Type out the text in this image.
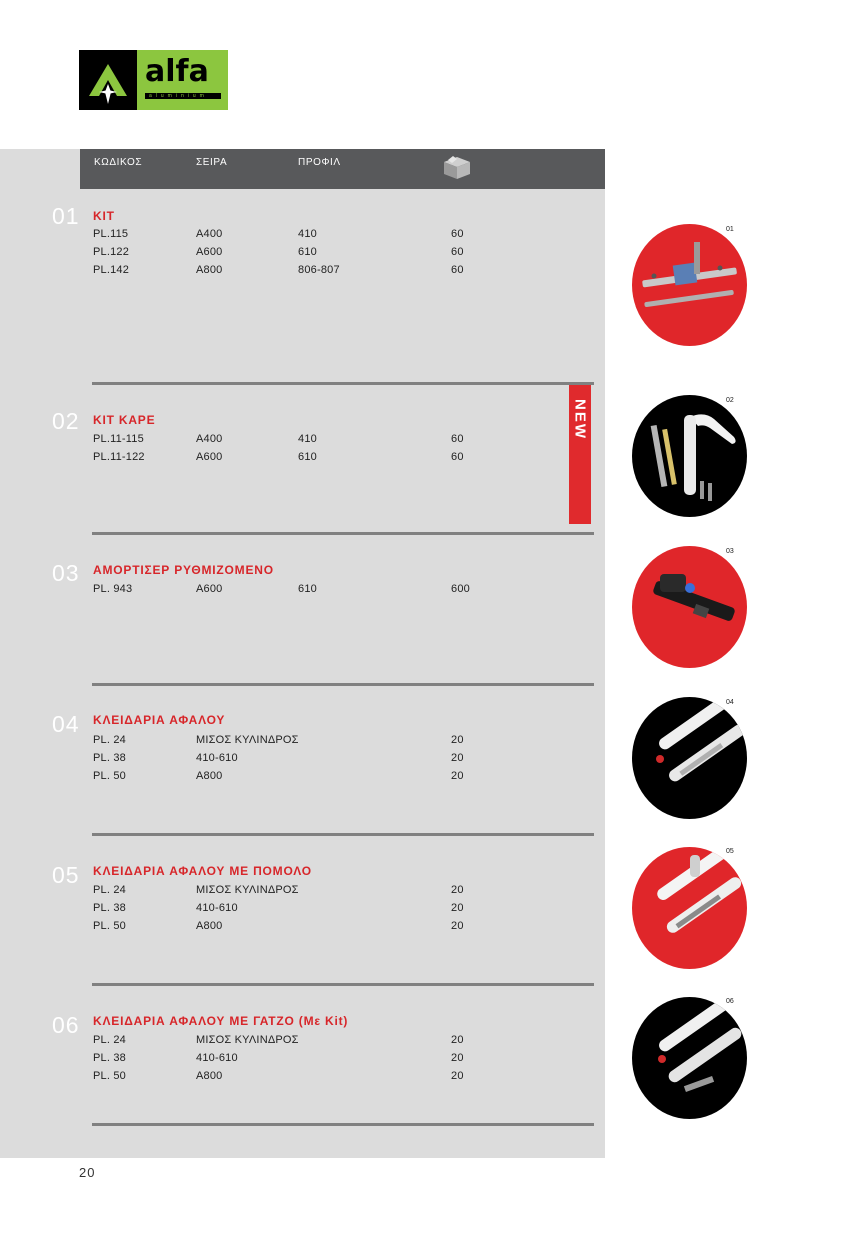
alfa
aluminium
ΚΩΔΙΚΟΣ	ΣΕΙΡΑ	ΠΡΟΦΙΛ
01 KIT
PL.115	A400	410	60
PL.122	A600	610	60
PL.142	A800	806-807	60
02 KIT KAPE
PL.11-115	A400	410	60
PL.11-122	A600	610	60
NEW
03 ΑΜΟΡΤΙΣΕΡ ΡΥΘΜΙΖΟΜΕΝΟ
PL. 943	A600	610	600
04 ΚΛΕΙΔΑΡΙΑ ΑΦΑΛΟΥ
PL. 24	ΜΙΣΟΣ ΚΥΛΙΝΔΡΟΣ	20
PL. 38	410-610	20
PL. 50	A800	20
05 ΚΛΕΙΔΑΡΙΑ ΑΦΑΛΟΥ ΜΕ ΠΟΜΟΛΟ
PL. 24	ΜΙΣΟΣ ΚΥΛΙΝΔΡΟΣ	20
PL. 38	410-610	20
PL. 50	A800	20
06 ΚΛΕΙΔΑΡΙΑ ΑΦΑΛΟΥ ΜΕ ΓΑΤΖΟ (Με Kit)
PL. 24	ΜΙΣΟΣ ΚΥΛΙΝΔΡΟΣ	20
PL. 38	410-610	20
PL. 50	A800	20
01
02
03
04
05
06
20
